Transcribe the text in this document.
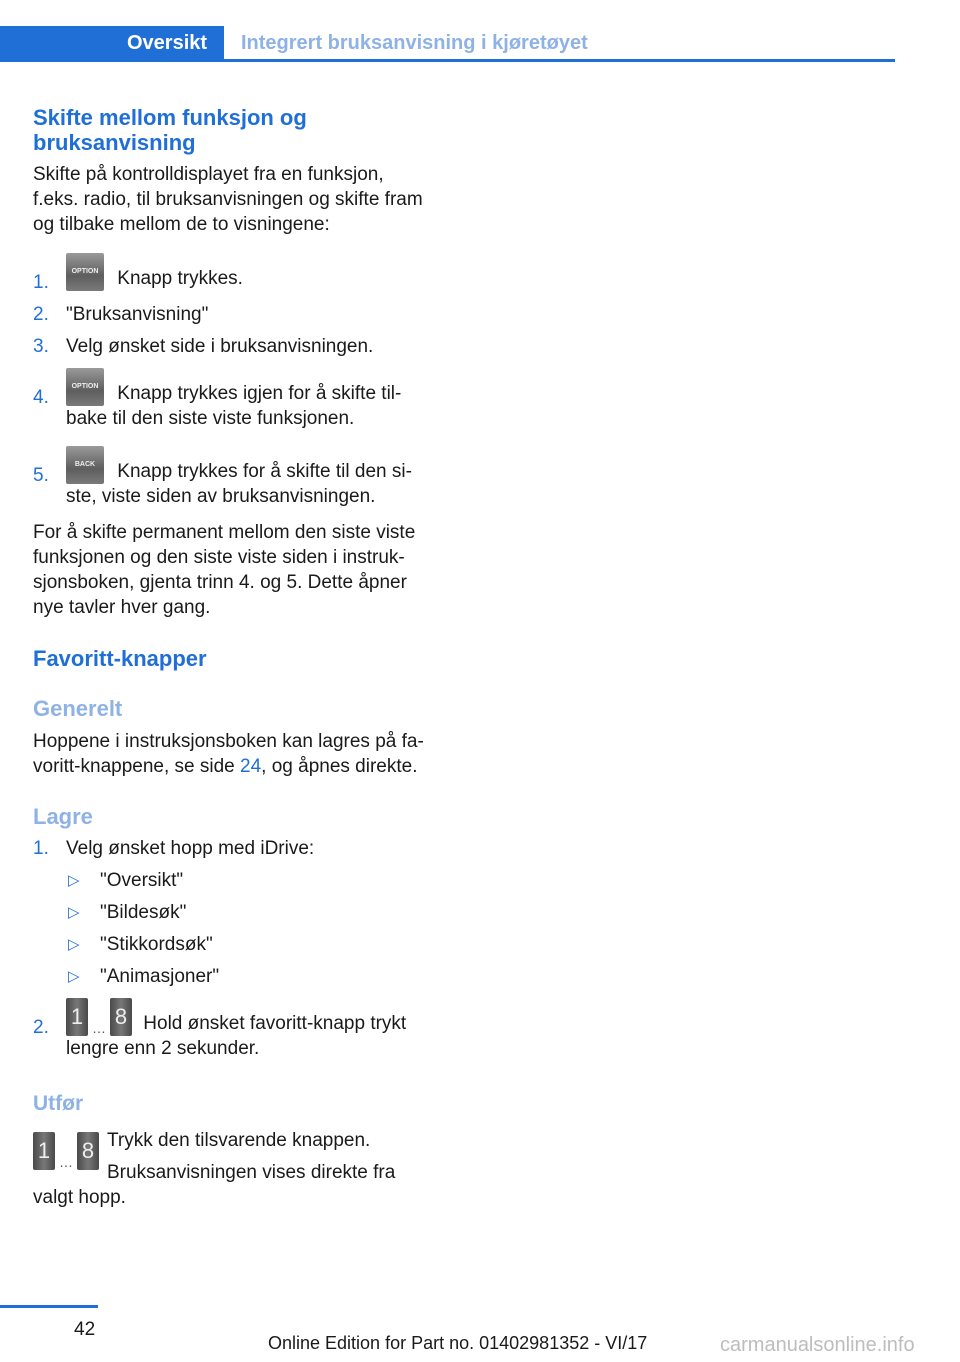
Oversikt	Integrert bruksanvisning i kjøretøyet
Skifte mellom funksjon og
bruksanvisning

Skifte på kontrolldisplayet fra en funksjon,
f.eks. radio, til bruksanvisningen og skifte fram
og tilbake mellom de to visningene:

1.
OPTION Knapp trykkes.
2. "Bruksanvisning"
3. Velg ønsket side i bruksanvisningen.
4.
OPTION Knapp trykkes igjen for å skifte til-
bake til den siste viste funksjonen.
5.
BACK Knapp trykkes for å skifte til den si-
ste, viste siden av bruksanvisningen.

For å skifte permanent mellom den siste viste
funksjonen og den siste viste siden i instruk-
sjonsboken, gjenta trinn 4. og 5. Dette åpner
nye tavler hver gang.

Favoritt-knapper
Generelt

Hoppene i instruksjonsboken kan lagres på fa-
voritt-knappene, se side 24, og åpnes direkte.

Lagre
1. Velg ønsket hopp med iDrive:
▷ "Oversikt"
▷ "Bildesøk"
▷ "Stikkordsøk"
▷ "Animasjoner"
2. 1 … 8 Hold ønsket favoritt-knapp trykt
lengre enn 2 sekunder.
Utfør
1 … 8 Trykk den tilsvarende knappen.

Bruksanvisningen vises direkte fra

valgt hopp.

42
Online Edition for Part no. 01402981352 - VI/17	carmanualsonline.info
